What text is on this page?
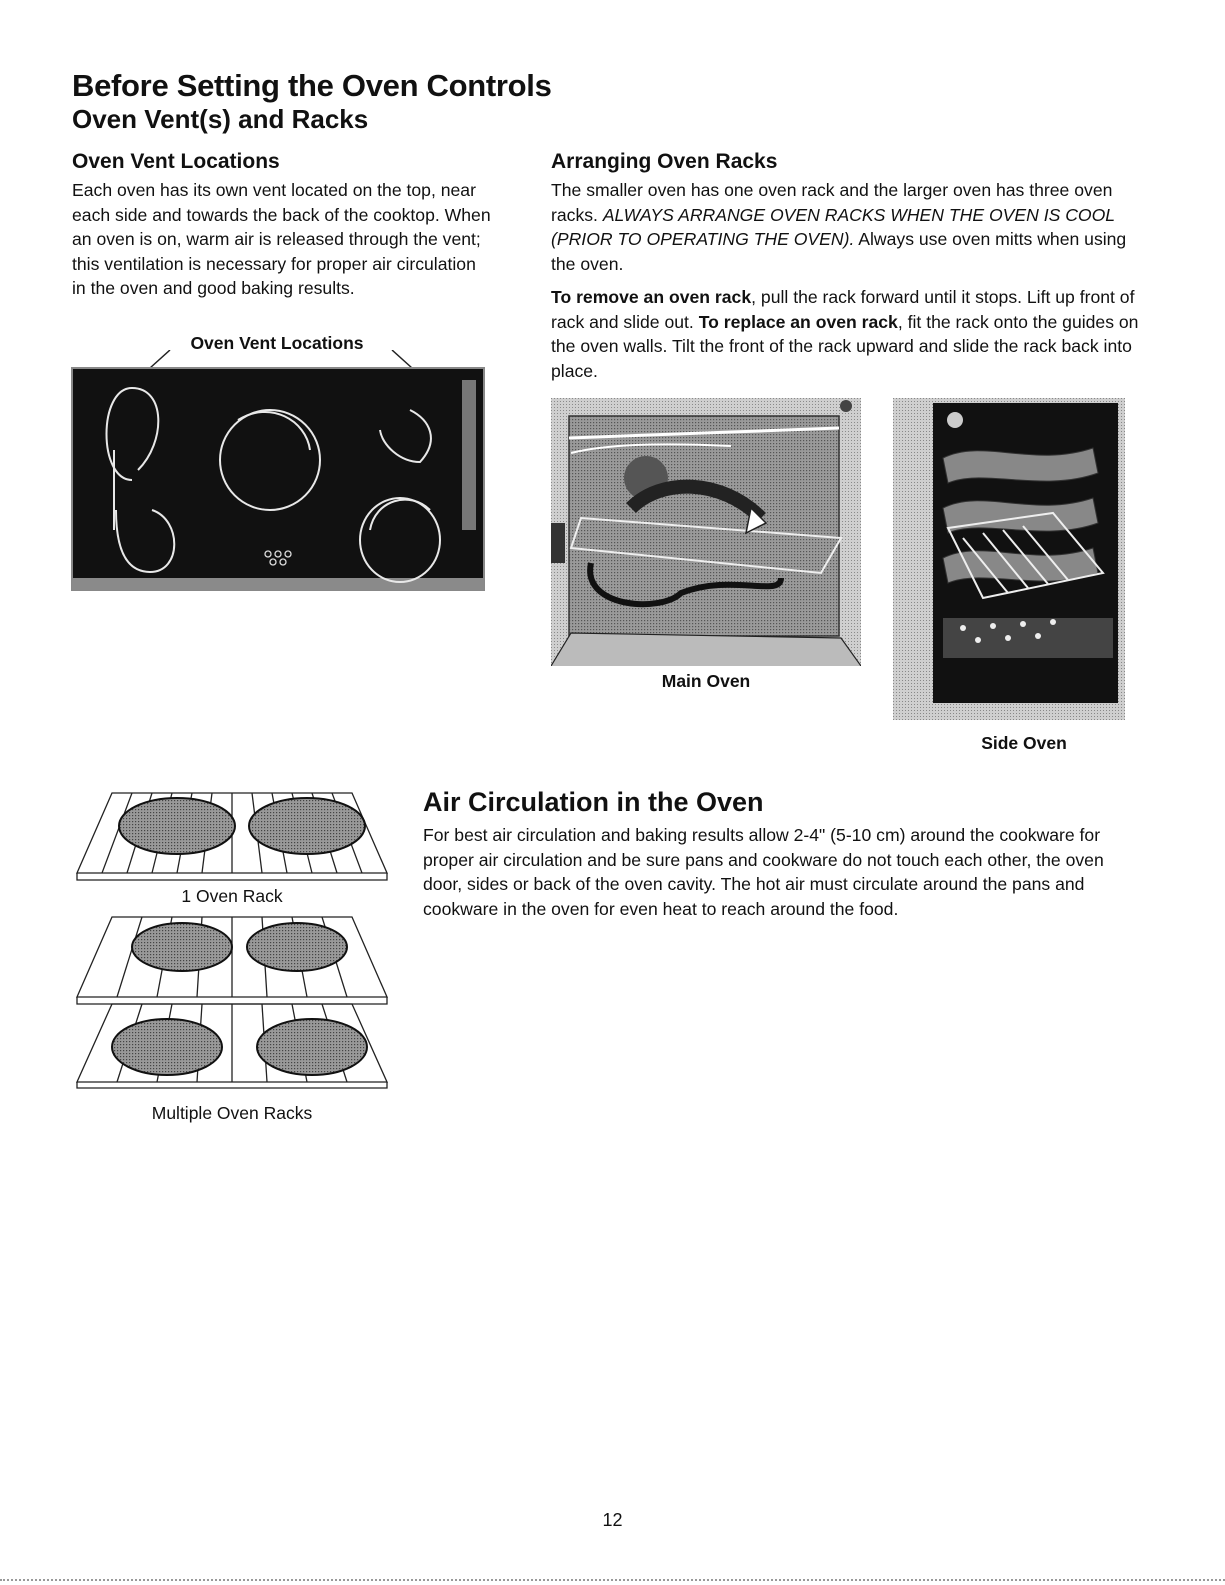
Before Setting the Oven Controls
Oven Vent(s) and Racks
Oven Vent Locations

Each oven has its own vent located on the top, near each side and towards the back of the cooktop. When an oven is on, warm air is released through the vent; this ventilation is necessary for proper air circulation in the oven and good baking results.

Oven Vent Locations
Arranging Oven Racks

The smaller oven has one oven rack and the larger oven has three oven racks. ALWAYS ARRANGE OVEN RACKS WHEN THE OVEN IS COOL (PRIOR TO OPERATING THE OVEN). Always use oven mitts when using the oven.

To remove an oven rack, pull the rack forward until it stops. Lift up front of rack and slide out. To replace an oven rack, fit the rack onto the guides on the oven walls. Tilt the front of the rack upward and slide the rack back into place.

Main Oven
Side Oven
1 Oven Rack
Multiple Oven Racks
Air Circulation in the Oven

For best air circulation and baking results allow 2-4" (5-10 cm) around the cookware for proper air circulation and be sure pans and cookware do not touch each other, the oven door, sides or back of the oven cavity. The hot air must circulate around the pans and cookware in the oven for even heat to reach around the food.

12
